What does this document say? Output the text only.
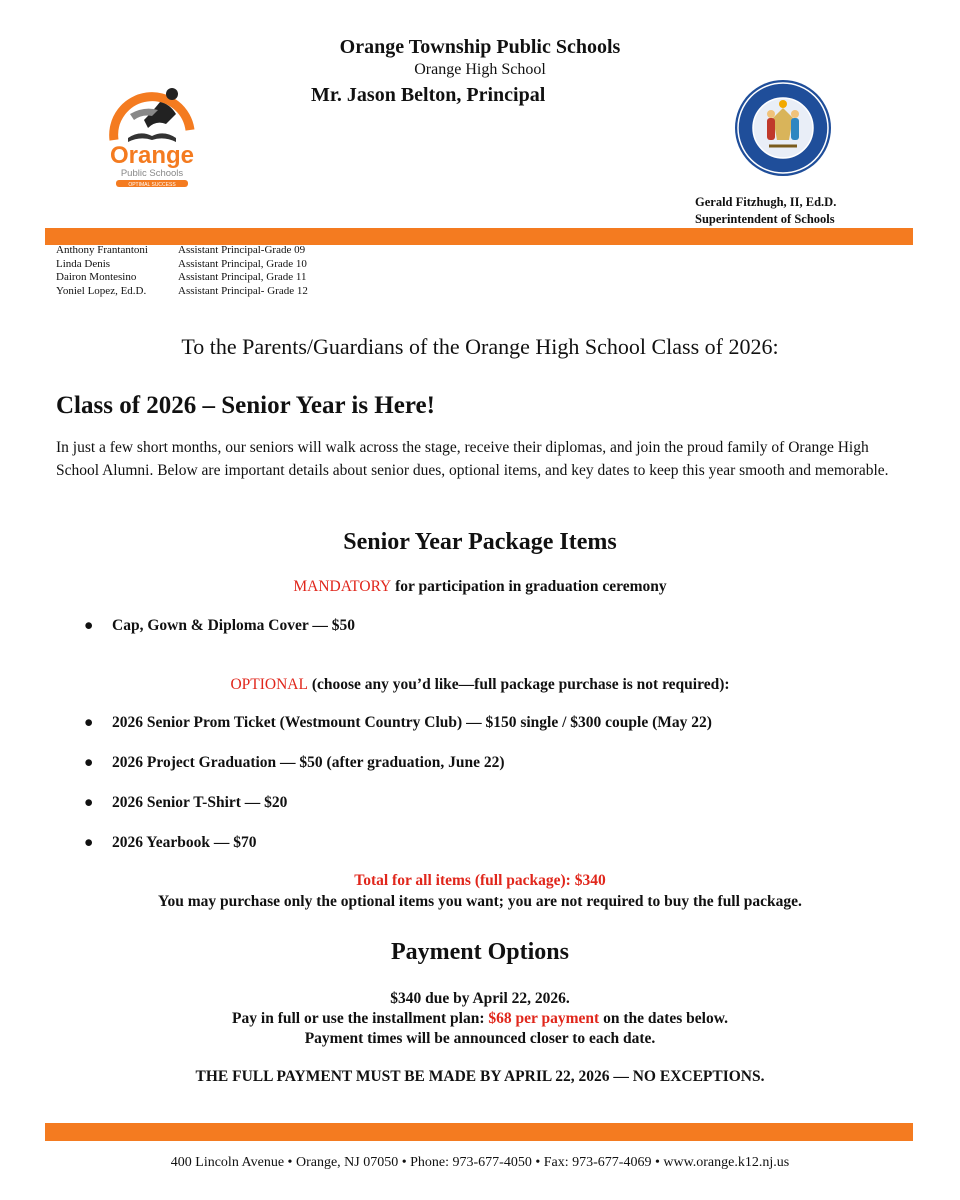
Orange Township Public Schools
Orange High School
Mr. Jason Belton, Principal
Orange
Public Schools
OPTIMAL SUCCESS
Gerald Fitzhugh, II, Ed.D.
Superintendent of Schools
Anthony Frantantoni	Assistant Principal-Grade 09
Linda Denis	Assistant Principal, Grade 10
Dairon Montesino	Assistant Principal, Grade 11
Yoniel Lopez, Ed.D.	Assistant Principal- Grade 12
To the Parents/Guardians of the Orange High School Class of 2026:
Class of 2026 – Senior Year is Here!
In just a few short months, our seniors will walk across the stage, receive their diplomas, and join the proud family of Orange High School Alumni. Below are important details about senior dues, optional items, and key dates to keep this year smooth and memorable.
Senior Year Package Items
MANDATORY for participation in graduation ceremony
●	Cap, Gown & Diploma Cover — $50
OPTIONAL (choose any you’d like—full package purchase is not required):
●	2026 Senior Prom Ticket (Westmount Country Club) — $150 single / $300 couple (May 22)
●	2026 Project Graduation — $50 (after graduation, June 22)
●	2026 Senior T-Shirt — $20
●	2026 Yearbook — $70
Total for all items (full package): $340
You may purchase only the optional items you want; you are not required to buy the full package.
Payment Options
$340 due by April 22, 2026.
Pay in full or use the installment plan: $68 per payment on the dates below.
Payment times will be announced closer to each date.
THE FULL PAYMENT MUST BE MADE BY APRIL 22, 2026 — NO EXCEPTIONS.
400 Lincoln Avenue • Orange, NJ 07050 • Phone: 973-677-4050 • Fax: 973-677-4069 • www.orange.k12.nj.us
